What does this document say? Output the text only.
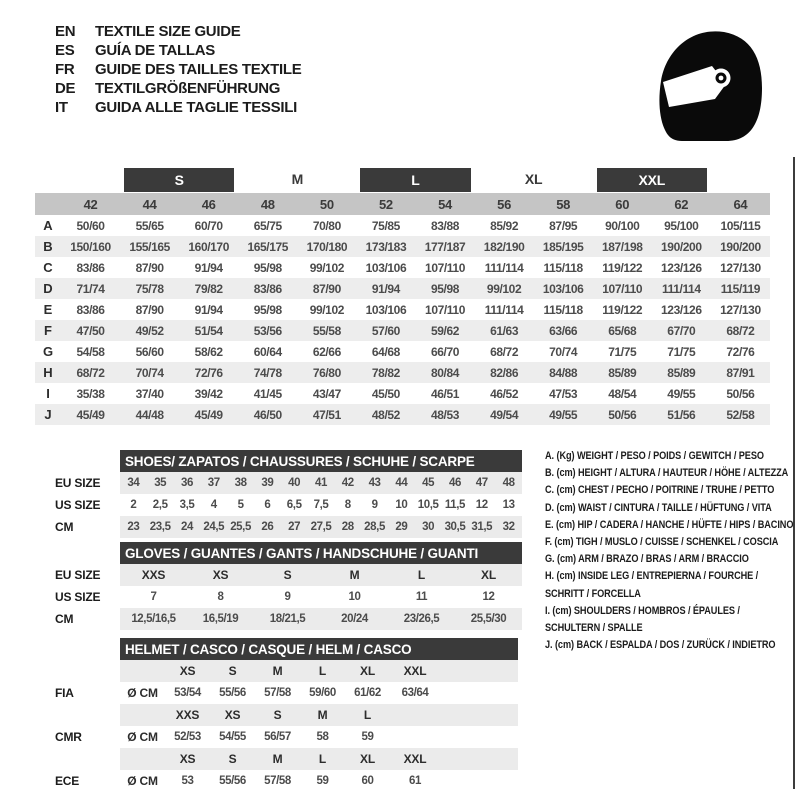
EN	TEXTILE SIZE GUIDE
ES	GUÍA DE TALLAS
FR	GUIDE DES TAILLES TEXTILE
DE	TEXTILGRÖßENFÜHRUNG
IT	GUIDA ALLE TAGLIE TESSILI

		S		M		L		XL		XXL		

	42	44	46	48	50	52	54	56	58	60	62	64
A	50/60	55/65	60/70	65/75	70/80	75/85	83/88	85/92	87/95	90/100	95/100	105/115
B	150/160	155/165	160/170	165/175	170/180	173/183	177/187	182/190	185/195	187/198	190/200	190/200
C	83/86	87/90	91/94	95/98	99/102	103/106	107/110	111/114	115/118	119/122	123/126	127/130
D	71/74	75/78	79/82	83/86	87/90	91/94	95/98	99/102	103/106	107/110	111/114	115/119
E	83/86	87/90	91/94	95/98	99/102	103/106	107/110	111/114	115/118	119/122	123/126	127/130
F	47/50	49/52	51/54	53/56	55/58	57/60	59/62	61/63	63/66	65/68	67/70	68/72
G	54/58	56/60	58/62	60/64	62/66	64/68	66/70	68/72	70/74	71/75	71/75	72/76
H	68/72	70/74	72/76	74/78	76/80	78/82	80/84	82/86	84/88	85/89	85/89	87/91
I	35/38	37/40	39/42	41/45	43/47	45/50	46/51	46/52	47/53	48/54	49/55	50/56
J	45/49	44/48	45/49	46/50	47/51	48/52	48/53	49/54	49/55	50/56	51/56	52/58
	SHOES/ ZAPATOS / CHAUSSURES / SCHUHE / SCARPE														
EU SIZE	34	35	36	37	38	39	40	41	42	43	44	45	46	47	48
US SIZE	2	2,5	3,5	4	5	6	6,5	7,5	8	9	10	10,5	11,5	12	13
CM	23	23,5	24	24,5	25,5	26	27	27,5	28	28,5	29	30	30,5	31,5	32
	GLOVES / GUANTES / GANTS / HANDSCHUHE / GUANTI					
EU SIZE	XXS	XS	S	M	L	XL
US SIZE	7	8	9	10	11	12
CM	12,5/16,5	16,5/19	18/21,5	20/24	23/26,5	25,5/30
	HELMET / CASCO / CASQUE / HELM / CASCO							
		XS	S	M	L	XL	XXL	
FIA	Ø CM	53/54	55/56	57/58	59/60	61/62	63/64	
		XXS	XS	S	M	L		
CMR	Ø CM	52/53	54/55	56/57	58	59		
		XS	S	M	L	XL	XXL	
ECE	Ø CM	53	55/56	57/58	59	60	61	
A. (Kg) WEIGHT / PESO / POIDS / GEWITCH / PESO
B. (cm) HEIGHT / ALTURA / HAUTEUR / HÖHE / ALTEZZA
C. (cm) CHEST / PECHO / POITRINE / TRUHE / PETTO
D. (cm) WAIST / CINTURA / TAILLE / HÜFTUNG / VITA
E. (cm) HIP / CADERA / HANCHE / HÜFTE / HIPS / BACINO
F. (cm) TIGH / MUSLO / CUISSE / SCHENKEL / COSCIA
G. (cm) ARM / BRAZO / BRAS / ARM / BRACCIO
H. (cm) INSIDE LEG / ENTREPIERNA / FOURCHE /
SCHRITT / FORCELLA
I. (cm) SHOULDERS / HOMBROS / ÉPAULES /
SCHULTERN / SPALLE
J. (cm) BACK / ESPALDA / DOS / ZURÜCK / INDIETRO
